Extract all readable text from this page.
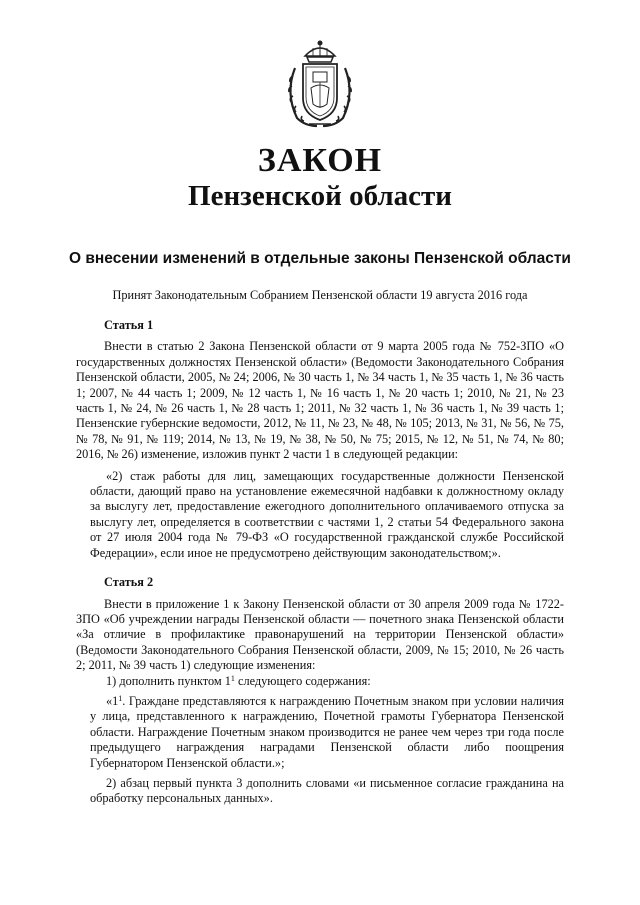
ЗАКОН
Пензенской области
О внесении изменений в отдельные законы Пензенской области
Принят Законодательным Собранием Пензенской области 19 августа 2016 года
Статья 1

Внести в статью 2 Закона Пензенской области от 9 марта 2005 года № 752-ЗПО «О государственных должностях Пензенской области» (Ведомости Законодательного Собрания Пензенской области, 2005, № 24; 2006, № 30 часть 1, № 34 часть 1, № 35 часть 1, № 36 часть 1; 2007, № 44 часть 1; 2009, № 12 часть 1, № 16 часть 1, № 20 часть 1; 2010, № 21, № 23 часть 1, № 24, № 26 часть 1, № 28 часть 1; 2011, № 32 часть 1, № 36 часть 1, № 39 часть 1; Пензенские губернские ведомости, 2012, № 11, № 23, № 48, № 105; 2013, № 31, № 56, № 75, № 78, № 91, № 119; 2014, № 13, № 19, № 38, № 50, № 75; 2015, № 12, № 51, № 74, № 80; 2016, № 26) изменение, изложив пункт 2 части 1 в следующей редакции:

«2) стаж работы для лиц, замещающих государственные должности Пензенской области, дающий право на установление ежемесячной надбавки к должностному окладу за выслугу лет, предоставление ежегодного дополнительного оплачиваемого отпуска за выслугу лет, определяется в соответствии с частями 1, 2 статьи 54 Федерального закона от 27 июля 2004 года № 79-ФЗ «О государственной гражданской службе Российской Федерации», если иное не предусмотрено действующим законодательством;».

Статья 2

Внести в приложение 1 к Закону Пензенской области от 30 апреля 2009 года № 1722-ЗПО «Об учреждении награды Пензенской области — почетного знака Пензенской области «За отличие в профилактике правонарушений на территории Пензенской области» (Ведомости Законодательного Собрания Пензенской области, 2009, № 15; 2010, № 26 часть 2; 2011, № 39 часть 1) следующие изменения:

1) дополнить пунктом $1^1$ следующего содержания:

«$1^1$. Граждане представляются к награждению Почетным знаком при условии наличия у лица, представленного к награждению, Почетной грамоты Губернатора Пензенской области. Награждение Почетным знаком производится не ранее чем через три года после предыдущего награждения наградами Пензенской области либо поощрения Губернатором Пензенской области.»;

2) абзац первый пункта 3 дополнить словами «и письменное согласие гражданина на обработку персональных данных».
